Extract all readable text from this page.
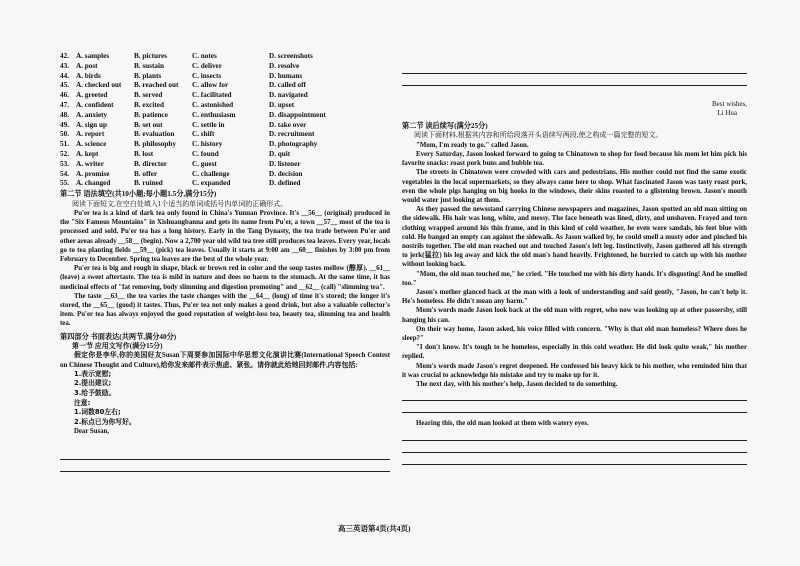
42. A. samples	B. pictures	C. notes	D. screenshots
43. A. post	B. sustain	C. deliver	D. resolve
44. A. birds	B. plants	C. insects	D. humans
45. A. checked out	B. reached out	C. allow for	D. called off
46. A. greeted	B. served	C. facilitated	D. navigated
47. A. confident	B. excited	C. astonished	D. upset
48. A. anxiety	B. patience	C. enthusiasm	D. disappointment
49. A. sign up	B. set out	C. settle in	D. take over
50. A. report	B. evaluation	C. shift	D. recruitment
51. A. science	B. philosophy	C. history	D. photography
52. A. kept	B. lost	C. found	D. quit
53. A. writer	B. director	C. guest	D. listener
54. A. promise	B. offer	C. challenge	D. decision
55. A. changed	B. ruined	C. expanded	D. defined
第二节 语法填空(共10小题;每小题1.5分,满分15分)
阅读下面短文,在空白处填入1个适当的单词或括号内单词的正确形式。

Pu'er tea is a kind of dark tea only found in China's Yunnan Province. It's __56__ (original) produced in the "Six Famous Mountains" in Xishuangbanna and gets its name from Pu'er, a town __57__ most of the tea is processed and sold. Pu'er tea has a long history. Early in the Tang Dynasty, the tea trade between Pu'er and other areas already __58__ (begin). Now a 2,700 year old wild tea tree still produces tea leaves. Every year, locals go to tea planting fields __59__ (pick) tea leaves. Usually it starts at 9:00 am __60__ finishes by 3:00 pm from February to December. Spring tea leaves are the best of the whole year.

Pu'er tea is big and rough in shape, black or brown red in color and the soup tastes mellow (醇厚). __61__ (leave) a sweet aftertaste. The tea is mild in nature and does no harm to the stomach. At the same time, it has medicinal effects of "fat removing, body slimming and digestion promoting" and __62__ (call) "slimming tea".

The taste __63__ the tea varies the taste changes with the __64__ (long) of time it's stored; the longer it's stored, the __65__ (good) it tastes. Thus, Pu'er tea not only makes a good drink, but also a valuable collector's item. Pu'er tea has always enjoyed the good reputation of weight-loss tea, beauty tea, slimming tea and health tea.

第四部分 书面表达(共两节,满分40分)
第一节 应用文写作(满分15分)

假定你是李华,你的美国好友Susan下周要参加国际中华思想文化演讲比赛(International Speech Contest on Chinese Thought and Culture),给你发来邮件表示焦虑、紧张。请你就此给她回封邮件,内容包括:

1.表示宽慰;
2.提出建议;
3.给予鼓励。
注意:
1.词数80左右;
2.标点已为你写好。
Dear Susan,
Best wishes,
Li Hua
第二节 读后续写(满分25分)
阅读下面材料,根据其内容和所给段落开头语续写两段,使之构成一篇完整的短文。

"Mom, I'm ready to go." called Jason.

Every Saturday, Jason looked forward to going to Chinatown to shop for food because his mom let him pick his favorite snacks: roast pork buns and bubble tea.

The streets in Chinatown were crowded with cars and pedestrians. His mother could not find the same exotic vegetables in the local supermarkets, so they always came here to shop. What fascinated Jason was tasty roast pork, even the whole pigs hanging on big hooks in the windows, their skins roasted to a glistening brown. Jason's mouth would water just looking at them.

As they passed the newsstand carrying Chinese newspapers and magazines, Jason spotted an old man sitting on the sidewalk. His hair was long, white, and messy. The face beneath was lined, dirty, and unshaven. Frayed and torn clothing wrapped around his thin frame, and in this kind of cold weather, he even wore sandals, his feet blue with cold. He banged an empty can against the sidewalk. As Jason walked by, he could smell a musty odor and pinched his nostrils together. The old man reached out and touched Jason's left leg. Instinctively, Jason gathered all his strength to jerk(猛拉) his leg away and kick the old man's hand heavily. Frightened, he hurried to catch up with his mother without looking back.

"Mom, the old man touched me," he cried. "He touched me with his dirty hands. It's disgusting! And he smelled too."

Jason's mother glanced back at the man with a look of understanding and said gently, "Jason, he can't help it. He's homeless. He didn't mean any harm."

Mom's words made Jason look back at the old man with regret, who now was looking up at other passersby, still hanging his can.

On their way home, Jason asked, his voice filled with concern. "Why is that old man homeless? Where does he sleep?"

"I don't know. It's tough to be homeless, especially in this cold weather. He did look quite weak," his mother replied.

Mom's words made Jason's regret deepened. He confessed his heavy kick to his mother, who reminded him that it was crucial to acknowledge his mistake and try to make up for it.

The next day, with his mother's help, Jason decided to do something.

Hearing this, the old man looked at them with watery eyes.
高三英语第4页(共4页)
